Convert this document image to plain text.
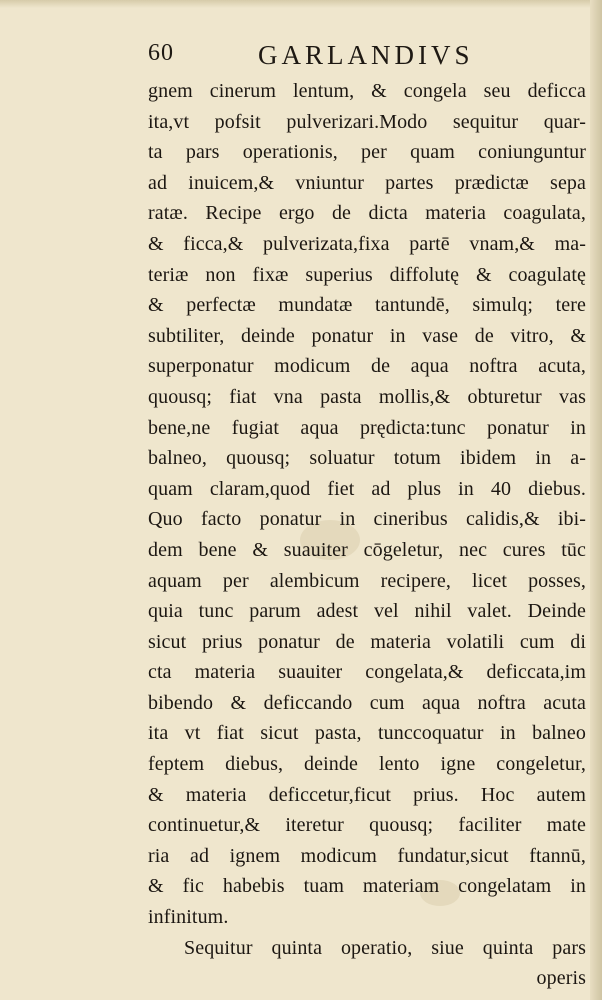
60	GARLANDIVS
gnem cinerum lentum, & congela seu deficca
ita,vt pofsit pulverizari.Modo sequitur quar-
ta pars operationis, per quam coniunguntur
ad inuicem,& vniuntur partes prædictæ sepa
ratæ. Recipe ergo de dicta materia coagulata,
& ficca,& pulverizata,fixa partē vnam,& ma-
teriæ non fixæ superius diffolutę & coagulatę
& perfectæ mundatæ tantundē, simulq; tere
subtiliter, deinde ponatur in vase de vitro, &
superponatur modicum de aqua noftra acuta,
quousq; fiat vna pasta mollis,& obturetur vas
bene,ne fugiat aqua prędicta:tunc ponatur in
balneo, quousq; soluatur totum ibidem in a-
quam claram,quod fiet ad plus in 40 diebus.
Quo facto ponatur in cineribus calidis,& ibi-
dem bene & suauiter cōgeletur, nec cures tūc
aquam per alembicum recipere, licet posses,
quia tunc parum adest vel nihil valet. Deinde
sicut prius ponatur de materia volatili cum di
cta materia suauiter congelata,& deficcata,im
bibendo & deficcando cum aqua noftra acuta
ita vt fiat sicut pasta, tunccoquatur in balneo
feptem diebus, deinde lento igne congeletur,
& materia deficcetur,ficut prius. Hoc autem
continuetur,& iteretur quousq; faciliter mate
ria ad ignem modicum fundatur,sicut ftannū,
& fic habebis tuam materiam congelatam in
infinitum.
Sequitur quinta operatio, siue quinta pars
operis
